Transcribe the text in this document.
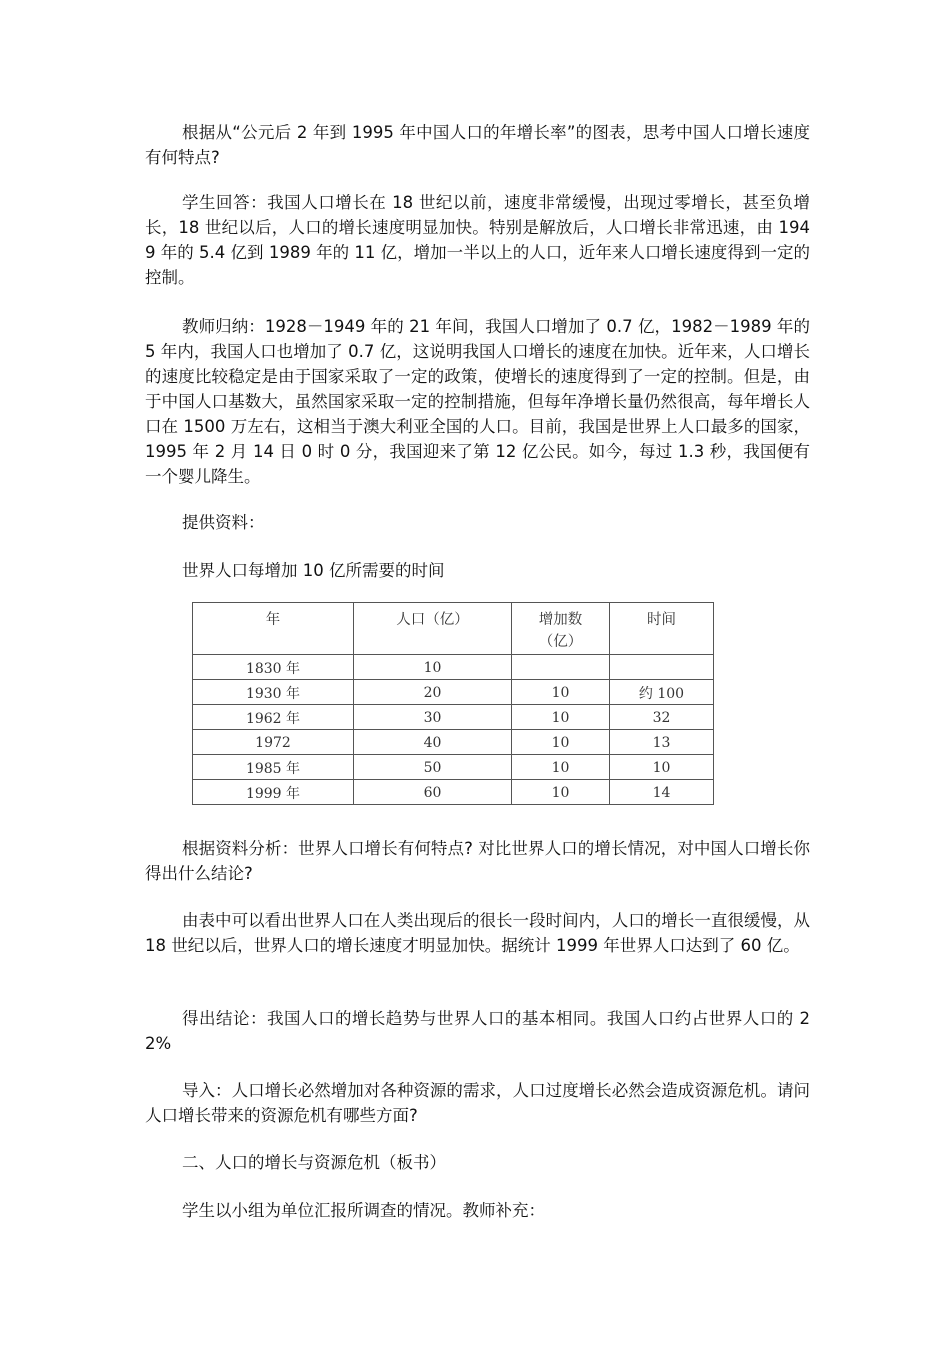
根据从“公元后 2 年到 1995 年中国人口的年增长率”的图表，思考中国人口增长速度有何特点?

学生回答：我国人口增长在 18 世纪以前，速度非常缓慢，出现过零增长，甚至负增长，18 世纪以后，人口的增长速度明显加快。特别是解放后，人口增长非常迅速，由 1949 年的 5.4 亿到 1989 年的 11 亿，增加一半以上的人口，近年来人口增长速度得到一定的控制。

教师归纳：1928－1949 年的 21 年间，我国人口增加了 0.7 亿，1982－1989 年的 5 年内，我国人口也增加了 0.7 亿，这说明我国人口增长的速度在加快。近年来，人口增长的速度比较稳定是由于国家采取了一定的政策，使增长的速度得到了一定的控制。但是，由于中国人口基数大，虽然国家采取一定的控制措施，但每年净增长量仍然很高，每年增长人口在 1500 万左右，这相当于澳大利亚全国的人口。目前，我国是世界上人口最多的国家，1995 年 2 月 14 日 0 时 0 分，我国迎来了第 12 亿公民。如今，每过 1.3 秒，我国便有一个婴儿降生。

提供资料：

世界人口每增加 10 亿所需要的时间

年	人口（亿）	增加数（亿）	时间
1830 年	10		
1930 年	20	10	约 100
1962 年	30	10	32
1972	40	10	13
1985 年	50	10	10
1999 年	60	10	14

根据资料分析：世界人口增长有何特点? 对比世界人口的增长情况，对中国人口增长你得出什么结论?

由表中可以看出世界人口在人类出现后的很长一段时间内，人口的增长一直很缓慢，从 18 世纪以后，世界人口的增长速度才明显加快。据统计 1999 年世界人口达到了 60 亿。

得出结论：我国人口的增长趋势与世界人口的基本相同。我国人口约占世界人口的 22%

导入：人口增长必然增加对各种资源的需求，人口过度增长必然会造成资源危机。请问人口增长带来的资源危机有哪些方面?

二、人口的增长与资源危机（板书）

学生以小组为单位汇报所调查的情况。教师补充：
